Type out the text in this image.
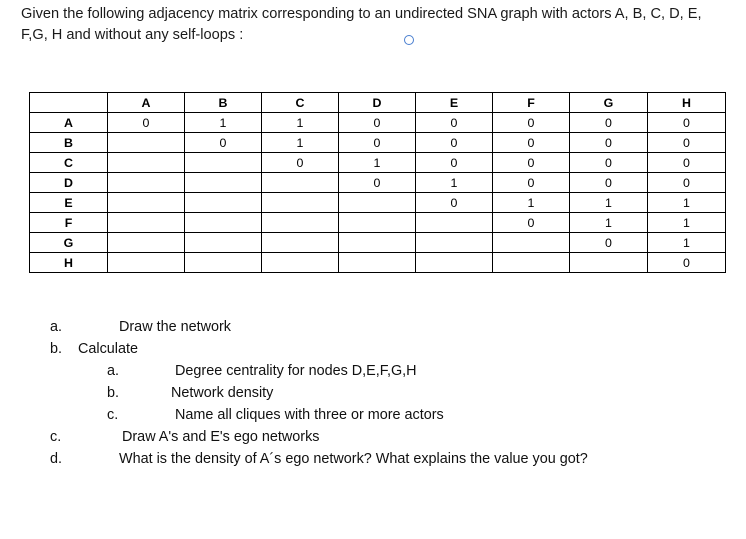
Given the following adjacency matrix corresponding to an undirected SNA graph with actors A, B, C, D, E,
F,G, H and without any self-loops :
	A	B	C	D	E	F	G	H
A	0	1	1	0	0	0	0	0
B		0	1	0	0	0	0	0
C			0	1	0	0	0	0
D				0	1	0	0	0
E					0	1	1	1
F						0	1	1
G							0	1
H								0
a.	Draw the network
b. Calculate
a.	Degree centrality for nodes D,E,F,G,H
b.	Network density
c.	Name all cliques with three or more actors
c.	Draw A's and E's ego networks
d.	What is the density of A´s ego network? What explains the value you got?
